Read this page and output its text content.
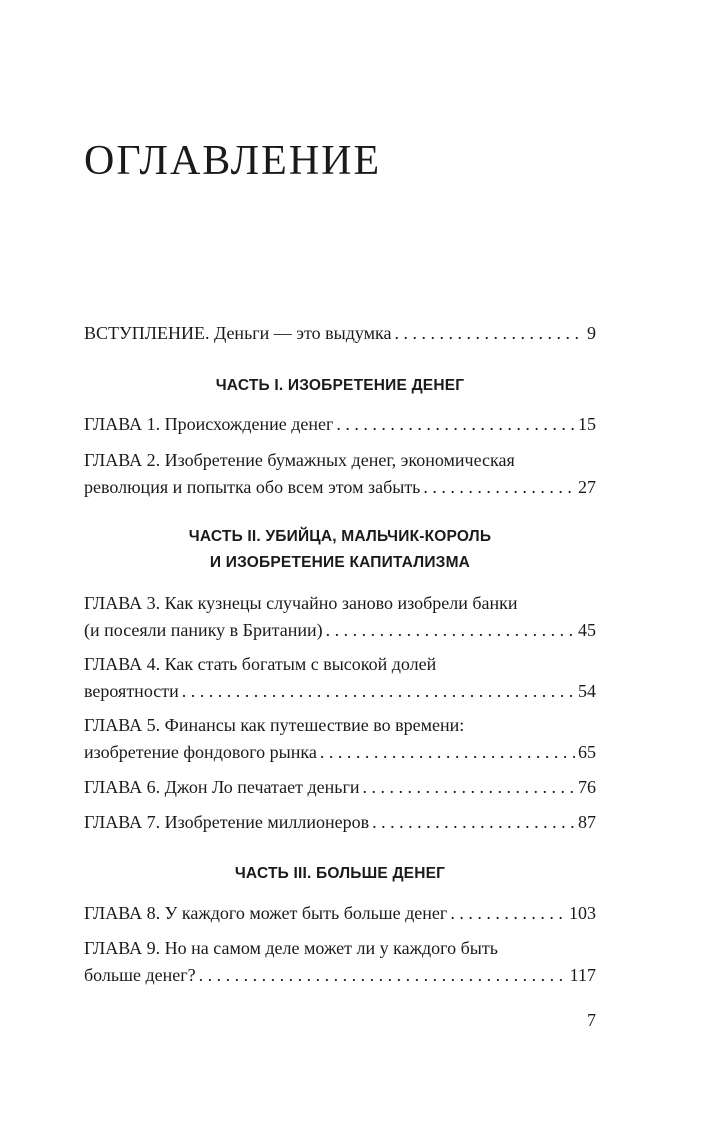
ОГЛАВЛЕНИЕ
ВСТУПЛЕНИЕ. Деньги — это выдумка . . .	9
ЧАСТЬ I. ИЗОБРЕТЕНИЕ ДЕНЕГ
ГЛАВА 1. Происхождение денег . . .	15
ГЛАВА 2. Изобретение бумажных денег, экономическая
революция и попытка обо всем этом забыть . . .	27
ЧАСТЬ II. УБИЙЦА, МАЛЬЧИК-КОРОЛЬ
И ИЗОБРЕТЕНИЕ КАПИТАЛИЗМА
ГЛАВА 3. Как кузнецы случайно заново изобрели банки
(и посеяли панику в Британии) . . .	45
ГЛАВА 4. Как стать богатым с высокой долей
вероятности . . .	54
ГЛАВА 5. Финансы как путешествие во времени:
изобретение фондового рынка . . .	65
ГЛАВА 6. Джон Ло печатает деньги . . .	76
ГЛАВА 7. Изобретение миллионеров . . .	87
ЧАСТЬ III. БОЛЬШЕ ДЕНЕГ
ГЛАВА 8. У каждого может быть больше денег . . .	103
ГЛАВА 9. Но на самом деле может ли у каждого быть
больше денег? . . .	117
7
